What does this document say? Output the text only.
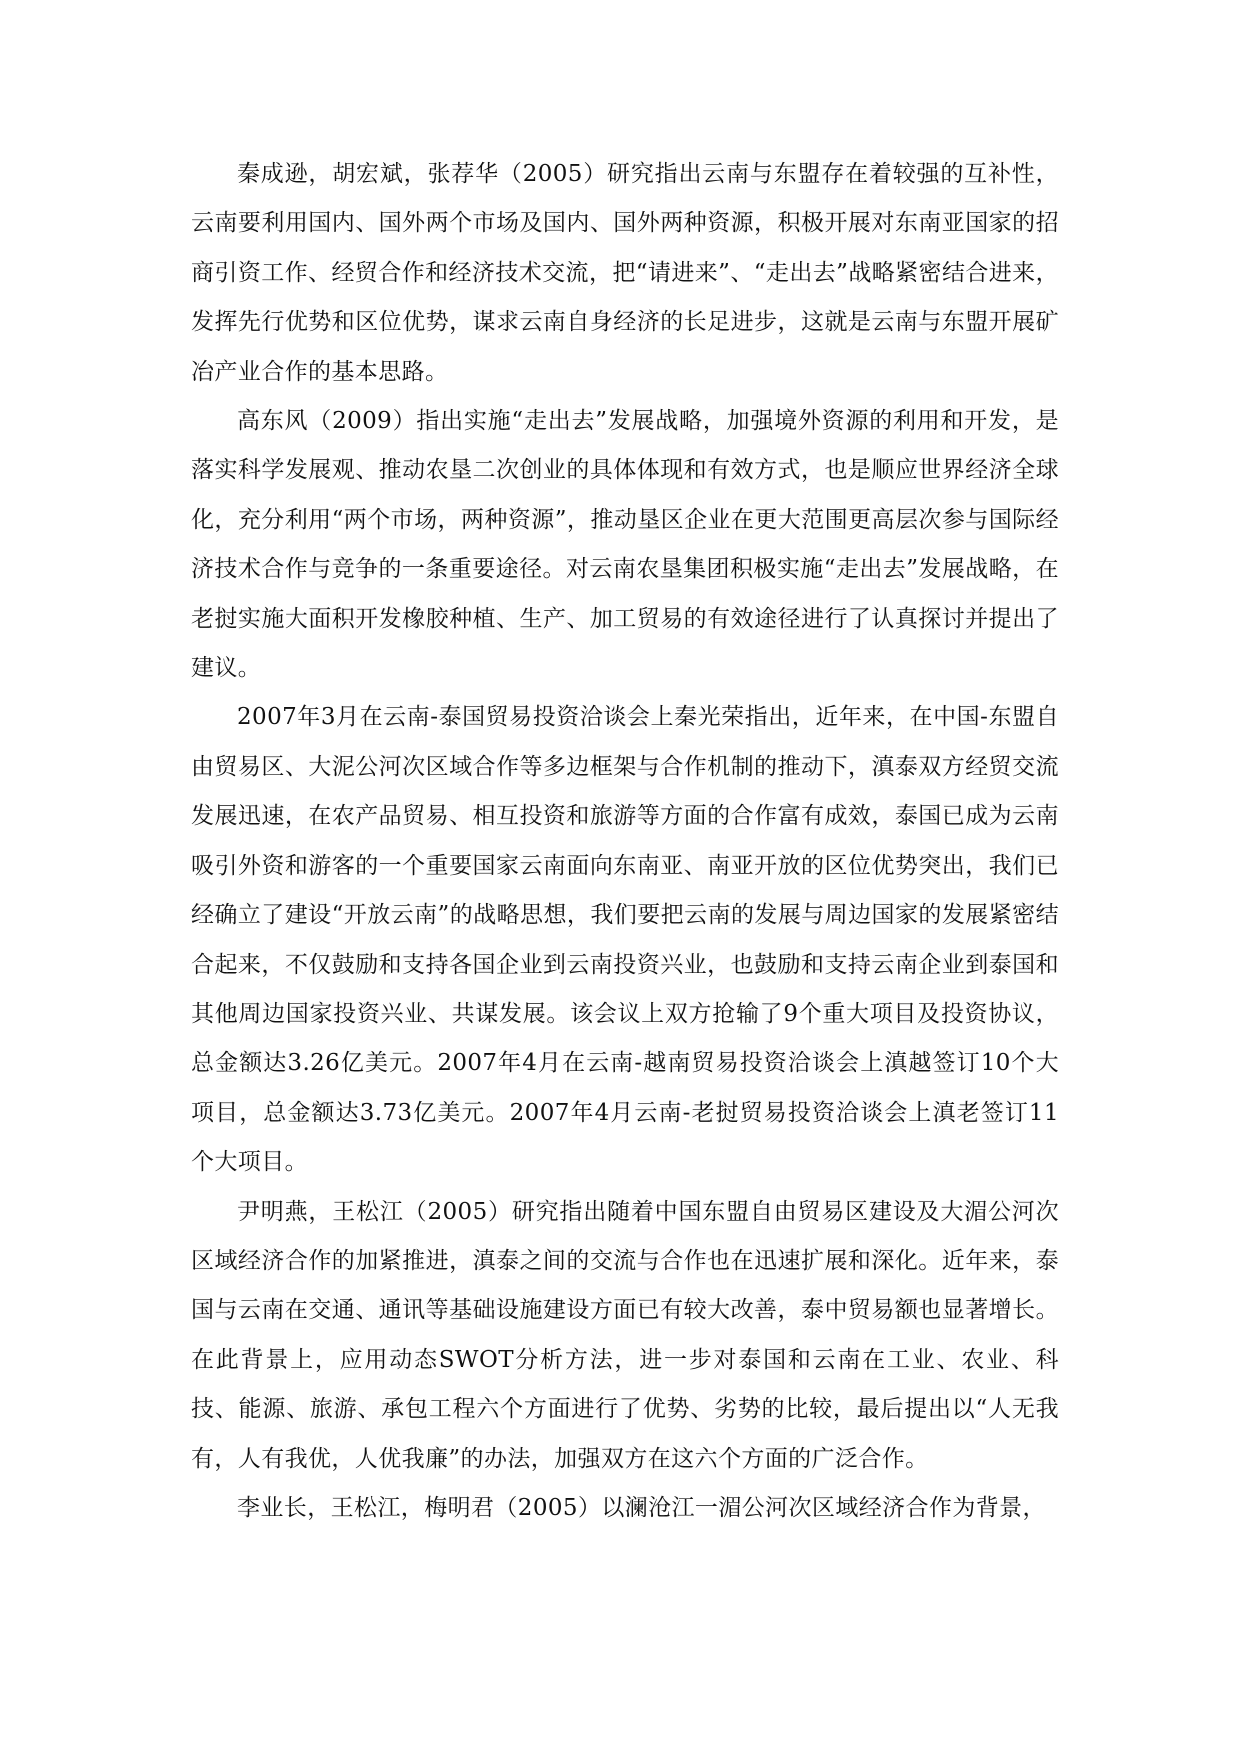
秦成逊，胡宏斌，张荐华（2005）研究指出云南与东盟存在着较强的互补性，云南要利用国内、国外两个市场及国内、国外两种资源，积极开展对东南亚国家的招商引资工作、经贸合作和经济技术交流，把“请进来”、“走出去”战略紧密结合进来，发挥先行优势和区位优势，谋求云南自身经济的长足进步，这就是云南与东盟开展矿冶产业合作的基本思路。

高东风（2009）指出实施“走出去”发展战略，加强境外资源的利用和开发，是落实科学发展观、推动农垦二次创业的具体体现和有效方式，也是顺应世界经济全球化，充分利用“两个市场，两种资源”，推动垦区企业在更大范围更高层次参与国际经济技术合作与竞争的一条重要途径。对云南农垦集团积极实施“走出去”发展战略，在老挝实施大面积开发橡胶种植、生产、加工贸易的有效途径进行了认真探讨并提出了建议。

2007年3月在云南-泰国贸易投资洽谈会上秦光荣指出，近年来，在中国-东盟自由贸易区、大泥公河次区域合作等多边框架与合作机制的推动下，滇泰双方经贸交流发展迅速，在农产品贸易、相互投资和旅游等方面的合作富有成效，泰国已成为云南吸引外资和游客的一个重要国家云南面向东南亚、南亚开放的区位优势突出，我们已经确立了建设“开放云南”的战略思想，我们要把云南的发展与周边国家的发展紧密结合起来，不仅鼓励和支持各国企业到云南投资兴业，也鼓励和支持云南企业到泰国和其他周边国家投资兴业、共谋发展。该会议上双方抢输了9个重大项目及投资协议，总金额达3.26亿美元。2007年4月在云南-越南贸易投资洽谈会上滇越签订10个大项目，总金额达3.73亿美元。2007年4月云南-老挝贸易投资洽谈会上滇老签订11个大项目。

尹明燕，王松江（2005）研究指出随着中国东盟自由贸易区建设及大湄公河次区域经济合作的加紧推进，滇泰之间的交流与合作也在迅速扩展和深化。近年来，泰国与云南在交通、通讯等基础设施建设方面已有较大改善，泰中贸易额也显著增长。在此背景上，应用动态SWOT分析方法，进一步对泰国和云南在工业、农业、科技、能源、旅游、承包工程六个方面进行了优势、劣势的比较，最后提出以“人无我有，人有我优，人优我廉”的办法，加强双方在这六个方面的广泛合作。

李业长，王松江，梅明君（2005）以澜沧江一湄公河次区域经济合作为背景，
